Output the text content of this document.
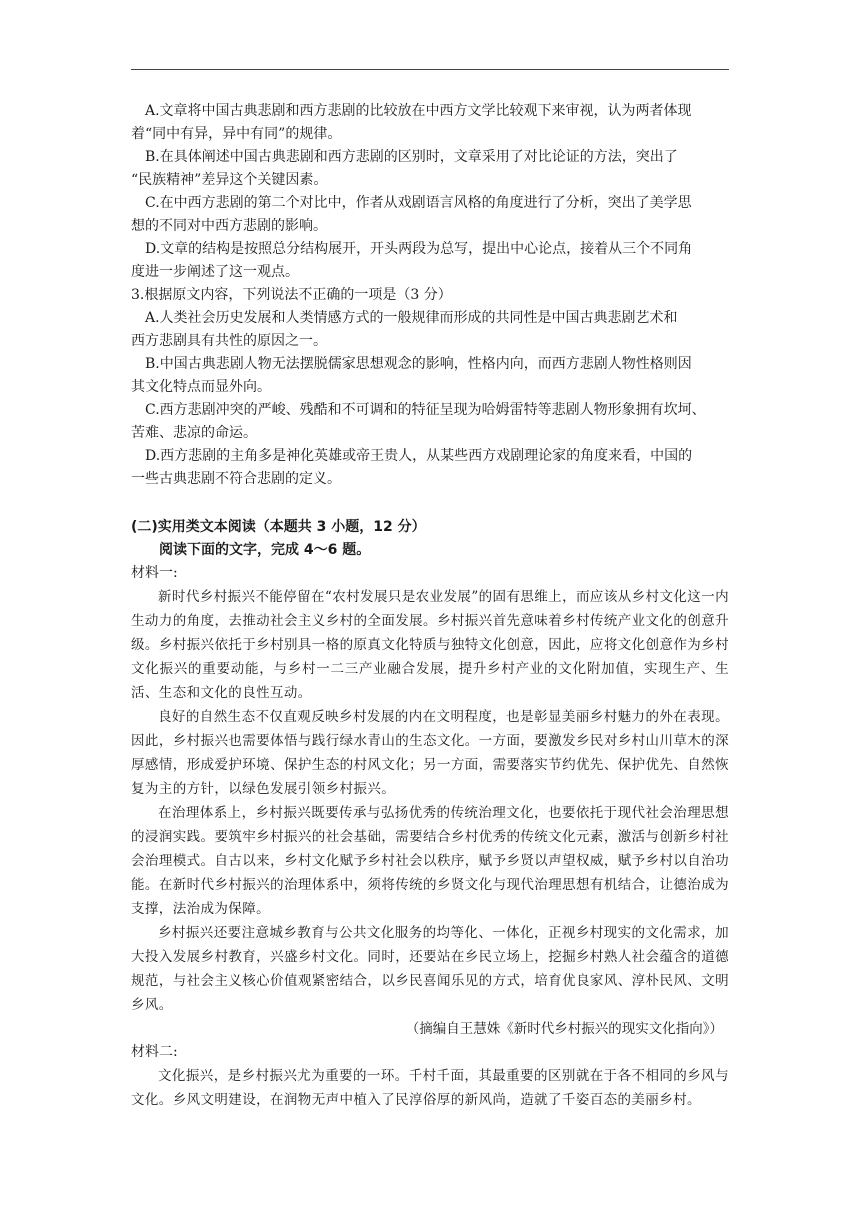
A.文章将中国古典悲剧和西方悲剧的比较放在中西方文学比较观下来审视，认为两者体现
着“同中有异，异中有同”的规律。

B.在具体阐述中国古典悲剧和西方悲剧的区别时，文章采用了对比论证的方法，突出了
“民族精神”差异这个关键因素。

C.在中西方悲剧的第二个对比中，作者从戏剧语言风格的角度进行了分析，突出了美学思
想的不同对中西方悲剧的影响。

D.文章的结构是按照总分结构展开，开头两段为总写，提出中心论点，接着从三个不同角
度进一步阐述了这一观点。

3.根据原文内容，下列说法不正确的一项是（3 分）

A.人类社会历史发展和人类情感方式的一般规律而形成的共同性是中国古典悲剧艺术和
西方悲剧具有共性的原因之一。

B.中国古典悲剧人物无法摆脱儒家思想观念的影响，性格内向，而西方悲剧人物性格则因
其文化特点而显外向。

C.西方悲剧冲突的严峻、残酷和不可调和的特征呈现为哈姆雷特等悲剧人物形象拥有坎坷、
苦难、悲凉的命运。

D.西方悲剧的主角多是神化英雄或帝王贵人，从某些西方戏剧理论家的角度来看，中国的
一些古典悲剧不符合悲剧的定义。

(二)实用类文本阅读（本题共 3 小题，12 分）

阅读下面的文字，完成 4～6 题。

材料一:

新时代乡村振兴不能停留在“农村发展只是农业发展”的固有思维上，而应该从乡村文化这一内生动力的角度，去推动社会主义乡村的全面发展。乡村振兴首先意味着乡村传统产业文化的创意升级。乡村振兴依托于乡村别具一格的原真文化特质与独特文化创意，因此，应将文化创意作为乡村文化振兴的重要动能，与乡村一二三产业融合发展，提升乡村产业的文化附加值，实现生产、生活、生态和文化的良性互动。

良好的自然生态不仅直观反映乡村发展的内在文明程度，也是彰显美丽乡村魅力的外在表现。因此，乡村振兴也需要体悟与践行绿水青山的生态文化。一方面，要激发乡民对乡村山川草木的深厚感情，形成爱护环境、保护生态的村风文化；另一方面，需要落实节约优先、保护优先、自然恢复为主的方针，以绿色发展引领乡村振兴。

在治理体系上，乡村振兴既要传承与弘扬优秀的传统治理文化，也要依托于现代社会治理思想的浸润实践。要筑牢乡村振兴的社会基础，需要结合乡村优秀的传统文化元素，激活与创新乡村社会治理模式。自古以来，乡村文化赋予乡村社会以秩序，赋予乡贤以声望权威，赋予乡村以自治功能。在新时代乡村振兴的治理体系中，须将传统的乡贤文化与现代治理思想有机结合，让德治成为支撑，法治成为保障。

乡村振兴还要注意城乡教育与公共文化服务的均等化、一体化，正视乡村现实的文化需求，加大投入发展乡村教育，兴盛乡村文化。同时，还要站在乡民立场上，挖掘乡村熟人社会蕴含的道德规范，与社会主义核心价值观紧密结合，以乡民喜闻乐见的方式，培育优良家风、淳朴民风、文明乡风。

（摘编自王慧姝《新时代乡村振兴的现实文化指向》）

材料二:

文化振兴，是乡村振兴尤为重要的一环。千村千面，其最重要的区别就在于各不相同的乡风与文化。乡风文明建设，在润物无声中植入了民淳俗厚的新风尚，造就了千姿百态的美丽乡村。
